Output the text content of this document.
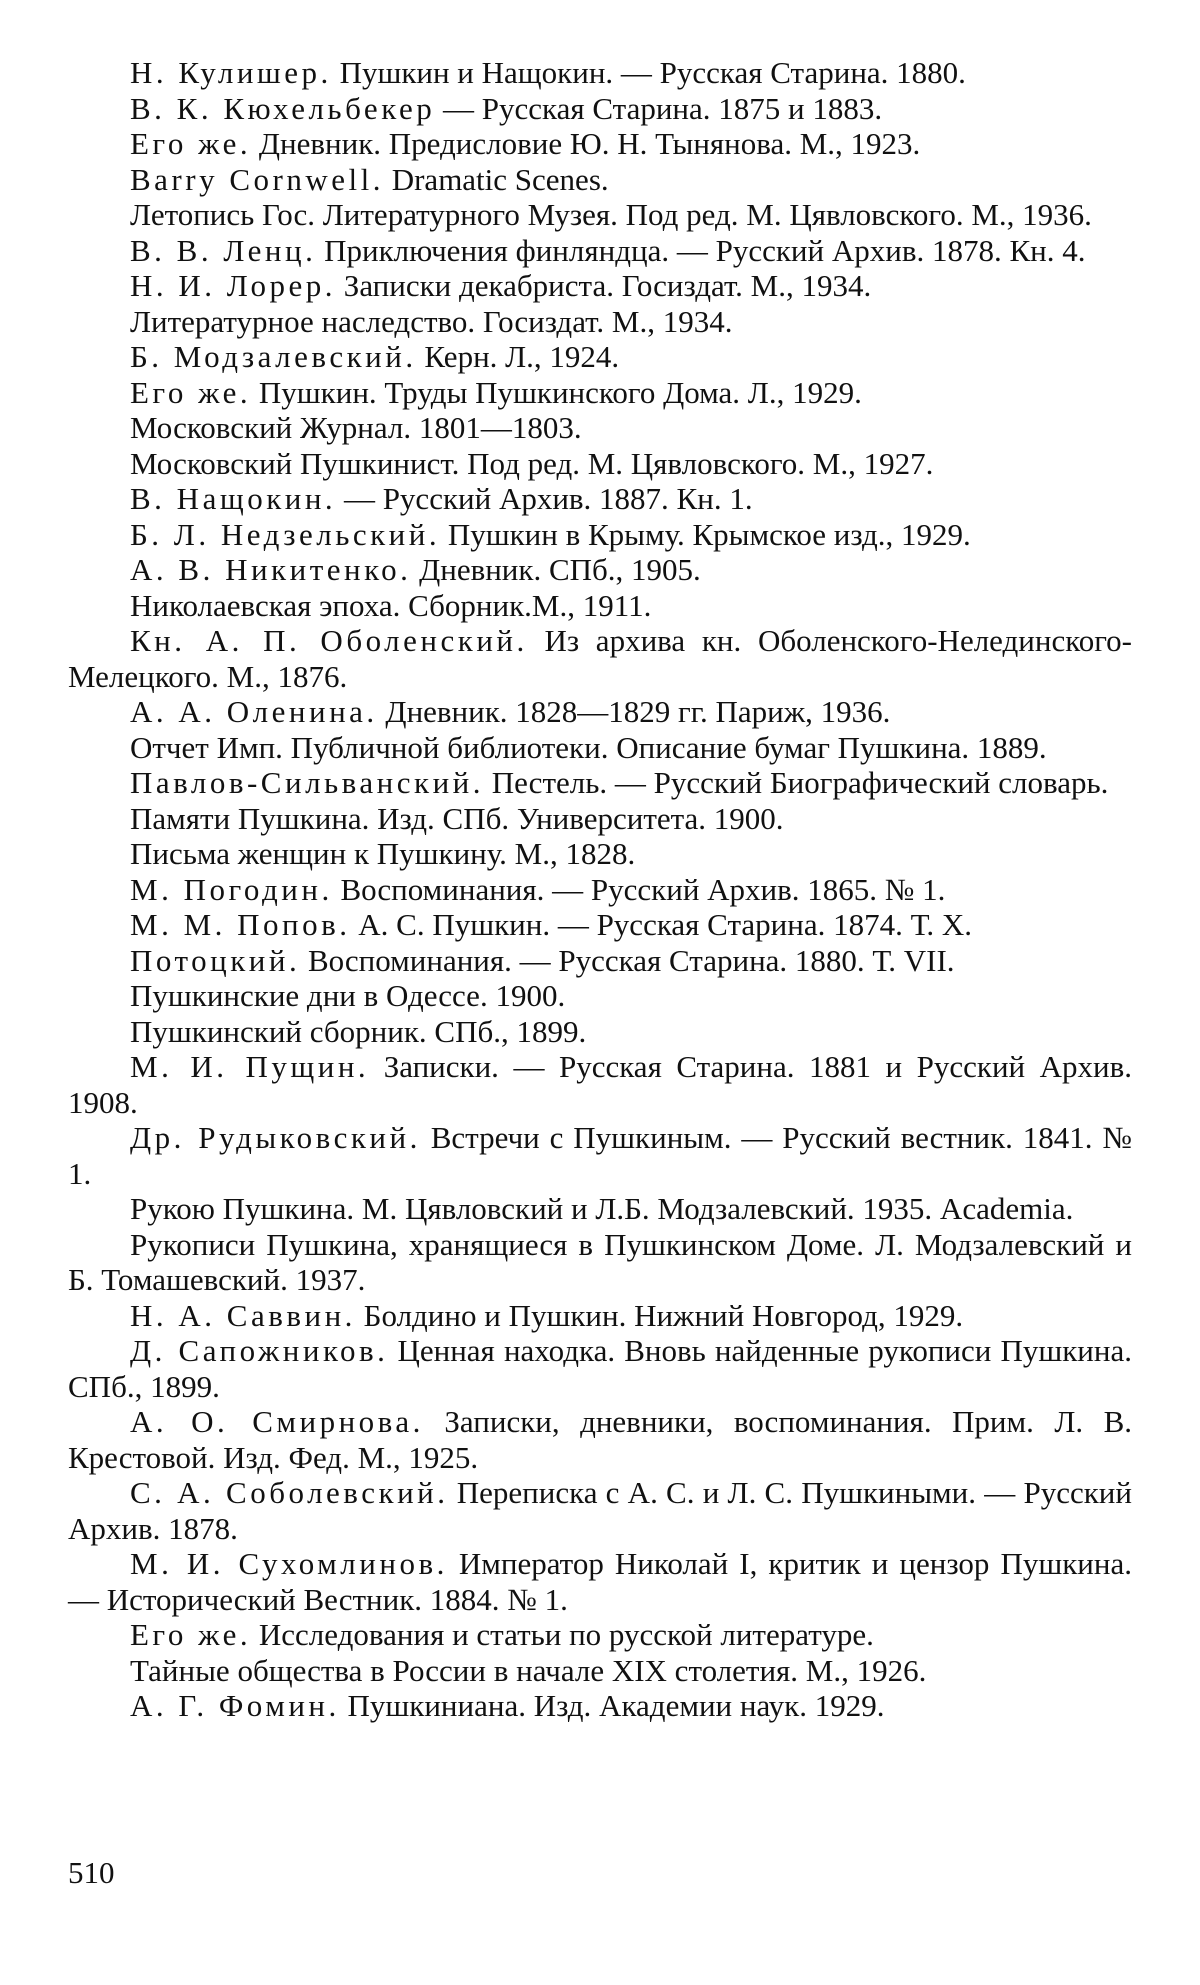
Н. Кулишер. Пушкин и Нащокин. — Русская Старина. 1880.

В. К. Кюхельбекер — Русская Старина. 1875 и 1883.

Его же. Дневник. Предисловие Ю. Н. Тынянова. М., 1923.

Barry Cornwell. Dramatic Scenes.

Летопись Гос. Литературного Музея. Под ред. М. Цявловского. М., 1936.

В. В. Ленц. Приключения финляндца. — Русский Архив. 1878. Кн. 4.

Н. И. Лорер. Записки декабриста. Госиздат. М., 1934.

Литературное наследство. Госиздат. М., 1934.

Б. Модзалевский. Керн. Л., 1924.

Его же. Пушкин. Труды Пушкинского Дома. Л., 1929.

Московский Журнал. 1801—1803.

Московский Пушкинист. Под ред. М. Цявловского. М., 1927.

В. Нащокин. — Русский Архив. 1887. Кн. 1.

Б. Л. Недзельский. Пушкин в Крыму. Крымское изд., 1929.

А. В. Никитенко. Дневник. СПб., 1905.

Николаевская эпоха. Сборник.М., 1911.

Кн. А. П. Оболенский. Из архива кн. Оболенского-Нелединского-Мелецкого. М., 1876.

А. А. Оленина. Дневник. 1828—1829 гг. Париж, 1936.

Отчет Имп. Публичной библиотеки. Описание бумаг Пушкина. 1889.

Павлов-Сильванский. Пестель. — Русский Биографический словарь.

Памяти Пушкина. Изд. СПб. Университета. 1900.

Письма женщин к Пушкину. М., 1828.

М. Погодин. Воспоминания. — Русский Архив. 1865. № 1.

М. М. Попов. А. С. Пушкин. — Русская Старина. 1874. Т. X.

Потоцкий. Воспоминания. — Русская Старина. 1880. Т. VII.

Пушкинские дни в Одессе. 1900.

Пушкинский сборник. СПб., 1899.

М. И. Пущин. Записки. — Русская Старина. 1881 и Русский Архив. 1908.

Др. Рудыковский. Встречи с Пушкиным. — Русский вестник. 1841. № 1.

Рукою Пушкина. М. Цявловский и Л.Б. Модзалевский. 1935. Academia.

Рукописи Пушкина, хранящиеся в Пушкинском Доме. Л. Модзалевский и Б. Томашевский. 1937.

Н. А. Саввин. Болдино и Пушкин. Нижний Новгород, 1929.

Д. Сапожников. Ценная находка. Вновь найденные рукописи Пушкина. СПб., 1899.

А. О. Смирнова. Записки, дневники, воспоминания. Прим. Л. В. Крестовой. Изд. Фед. М., 1925.

С. А. Соболевский. Переписка с А. С. и Л. С. Пушкиными. — Русский Архив. 1878.

М. И. Сухомлинов. Император Николай I, критик и цензор Пушкина. — Исторический Вестник. 1884. № 1.

Его же. Исследования и статьи по русской литературе.

Тайные общества в России в начале XIX столетия. М., 1926.

А. Г. Фомин. Пушкиниана. Изд. Академии наук. 1929.

510
